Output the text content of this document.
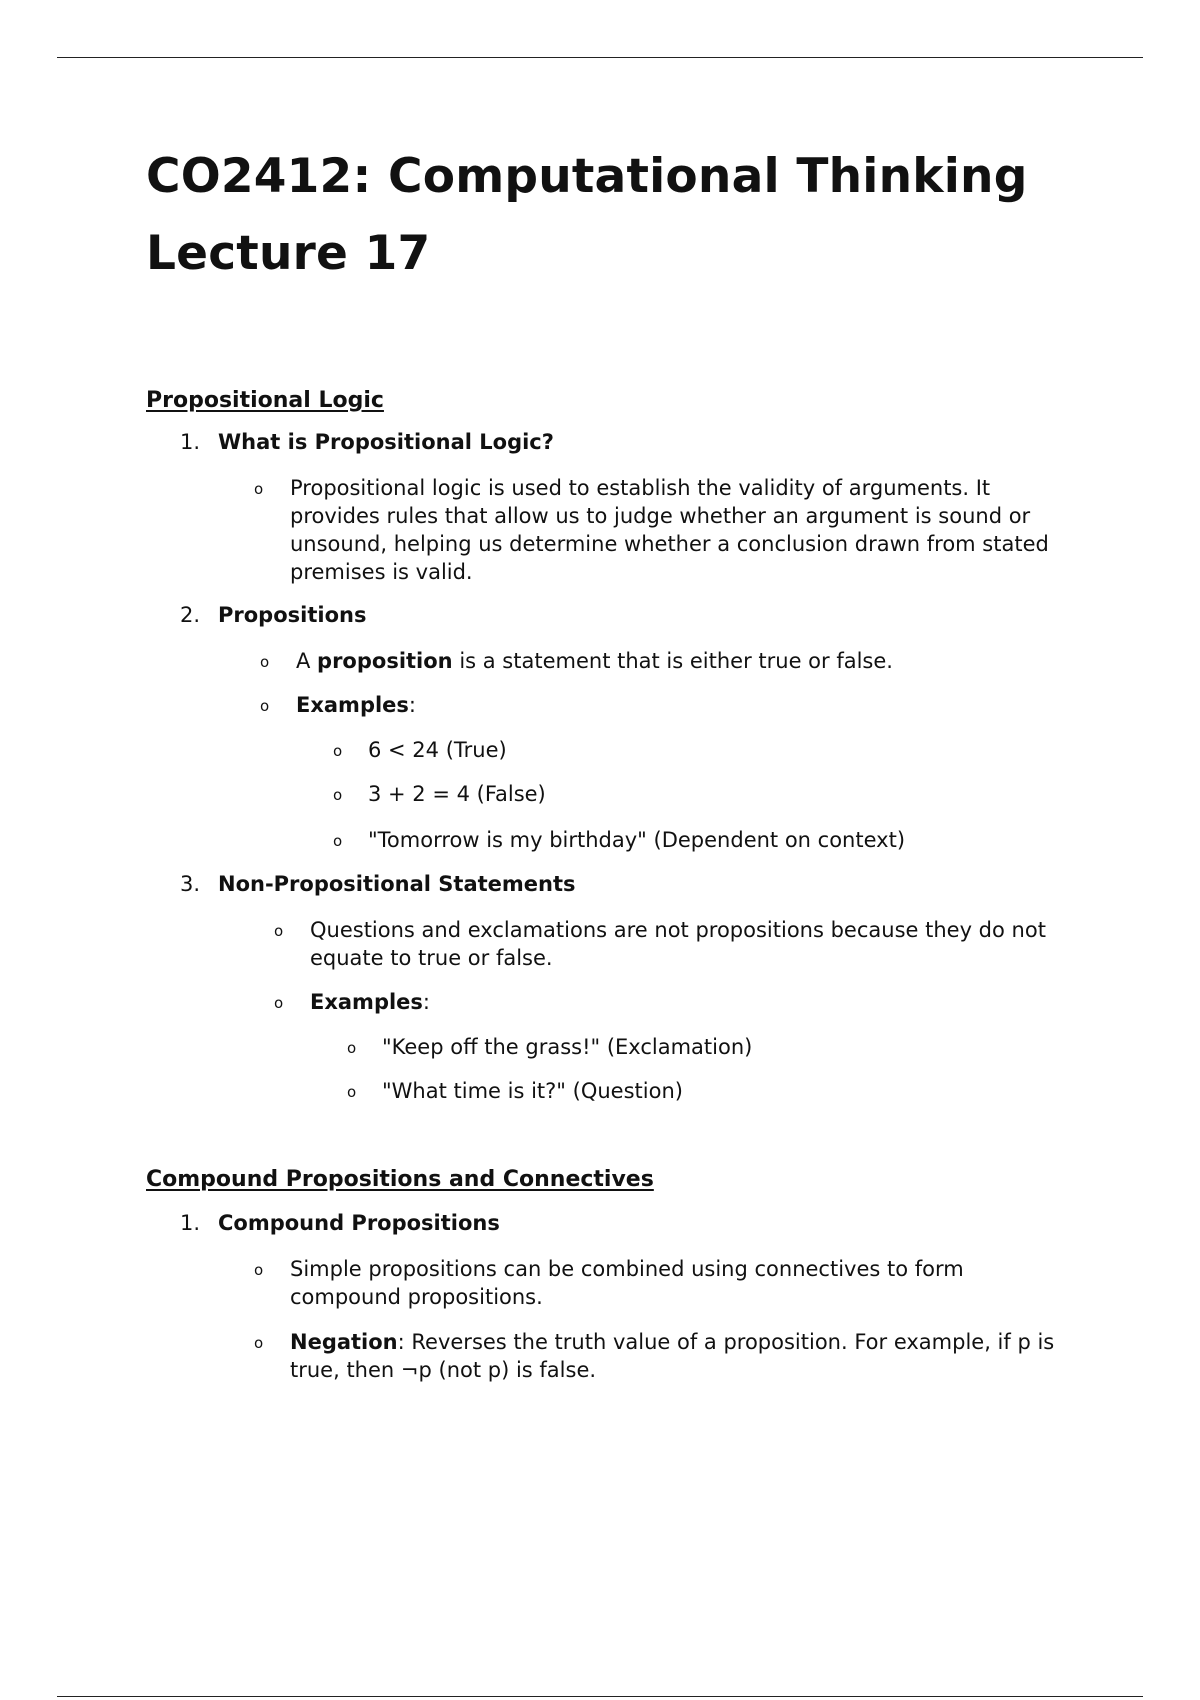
CO2412: Computational Thinking
Lecture 17
Propositional Logic
1. What is Propositional Logic?
o Propositional logic is used to establish the validity of arguments. It provides rules that allow us to judge whether an argument is sound or unsound, helping us determine whether a conclusion drawn from stated premises is valid.
2. Propositions
o A proposition is a statement that is either true or false.
o Examples:
o 6 < 24 (True)
o 3 + 2 = 4 (False)
o "Tomorrow is my birthday" (Dependent on context)
3. Non-Propositional Statements
o Questions and exclamations are not propositions because they do not equate to true or false.
o Examples:
o "Keep off the grass!" (Exclamation)
o "What time is it?" (Question)
Compound Propositions and Connectives
1. Compound Propositions
o Simple propositions can be combined using connectives to form compound propositions.
o Negation: Reverses the truth value of a proposition. For example, if p is true, then ¬p (not p) is false.
